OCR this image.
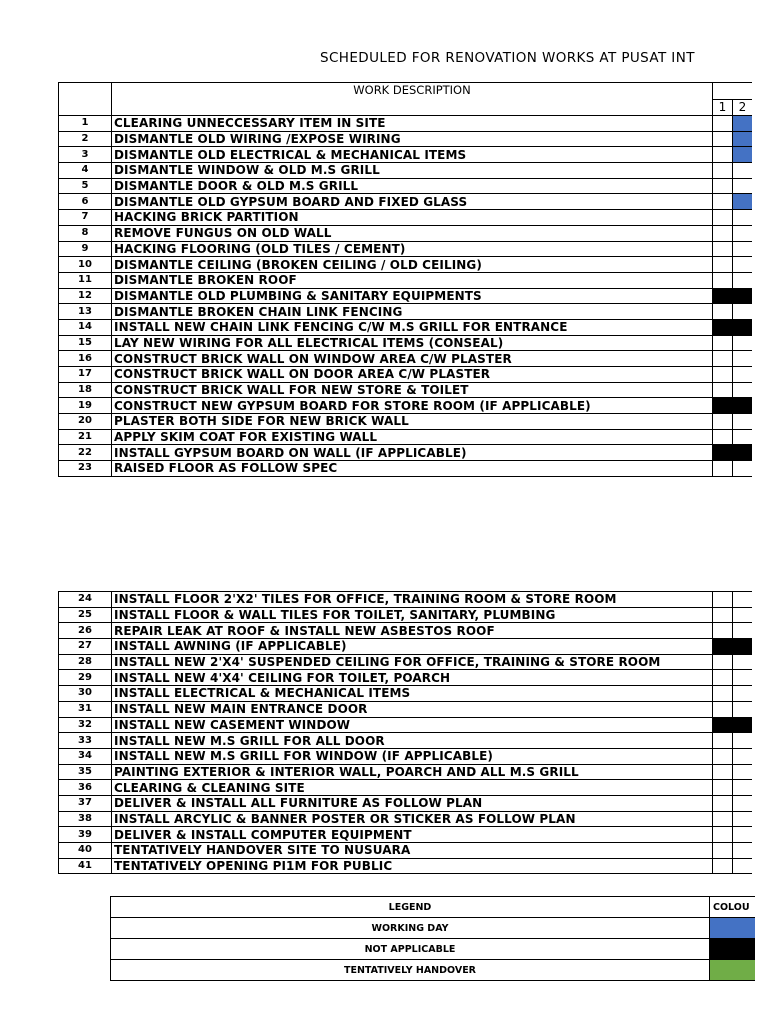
SCHEDULED FOR RENOVATION WORKS AT PUSAT INT
	WORK DESCRIPTION		
		1	2
1	CLEARING UNNECCESSARY ITEM IN SITE		
2	DISMANTLE OLD WIRING /EXPOSE WIRING		
3	DISMANTLE OLD ELECTRICAL & MECHANICAL ITEMS		
4	DISMANTLE WINDOW & OLD M.S GRILL		
5	DISMANTLE DOOR & OLD M.S GRILL		
6	DISMANTLE OLD GYPSUM BOARD AND FIXED GLASS		
7	HACKING BRICK PARTITION		
8	REMOVE FUNGUS ON OLD WALL		
9	HACKING FLOORING (OLD TILES / CEMENT)		
10	DISMANTLE CEILING (BROKEN CEILING / OLD CEILING)		
11	DISMANTLE BROKEN ROOF		
12	DISMANTLE OLD PLUMBING & SANITARY EQUIPMENTS		
13	DISMANTLE BROKEN CHAIN LINK FENCING		
14	INSTALL NEW CHAIN LINK FENCING C/W M.S GRILL FOR ENTRANCE		
15	LAY NEW WIRING FOR ALL ELECTRICAL ITEMS (CONSEAL)		
16	CONSTRUCT BRICK WALL ON WINDOW AREA C/W PLASTER		
17	CONSTRUCT BRICK WALL ON DOOR AREA C/W PLASTER		
18	CONSTRUCT BRICK WALL FOR NEW STORE & TOILET		
19	CONSTRUCT NEW GYPSUM BOARD FOR STORE ROOM (IF APPLICABLE)		
20	PLASTER BOTH SIDE FOR NEW BRICK WALL		
21	APPLY SKIM COAT FOR EXISTING WALL		
22	INSTALL GYPSUM BOARD ON WALL (IF APPLICABLE)		
23	RAISED FLOOR AS FOLLOW SPEC		
24	INSTALL FLOOR 2'X2' TILES FOR OFFICE, TRAINING ROOM & STORE ROOM		
25	INSTALL FLOOR & WALL TILES FOR TOILET, SANITARY, PLUMBING		
26	REPAIR LEAK AT ROOF & INSTALL NEW ASBESTOS ROOF		
27	INSTALL AWNING (IF APPLICABLE)		
28	INSTALL NEW 2'X4' SUSPENDED CEILING FOR OFFICE, TRAINING & STORE ROOM		
29	INSTALL NEW 4'X4' CEILING FOR TOILET, POARCH		
30	INSTALL ELECTRICAL & MECHANICAL ITEMS		
31	INSTALL NEW MAIN ENTRANCE DOOR		
32	INSTALL NEW CASEMENT WINDOW		
33	INSTALL NEW M.S GRILL FOR ALL DOOR		
34	INSTALL NEW M.S GRILL FOR WINDOW (IF APPLICABLE)		
35	PAINTING EXTERIOR & INTERIOR WALL, POARCH AND ALL M.S GRILL		
36	CLEARING & CLEANING SITE		
37	DELIVER & INSTALL ALL FURNITURE AS FOLLOW PLAN		
38	INSTALL ARCYLIC & BANNER POSTER OR STICKER AS FOLLOW PLAN		
39	DELIVER & INSTALL COMPUTER EQUIPMENT		
40	TENTATIVELY HANDOVER SITE TO NUSUARA		
41	TENTATIVELY OPENING PI1M FOR PUBLIC		
LEGEND	COLOU
WORKING DAY	
NOT APPLICABLE	
TENTATIVELY HANDOVER	
